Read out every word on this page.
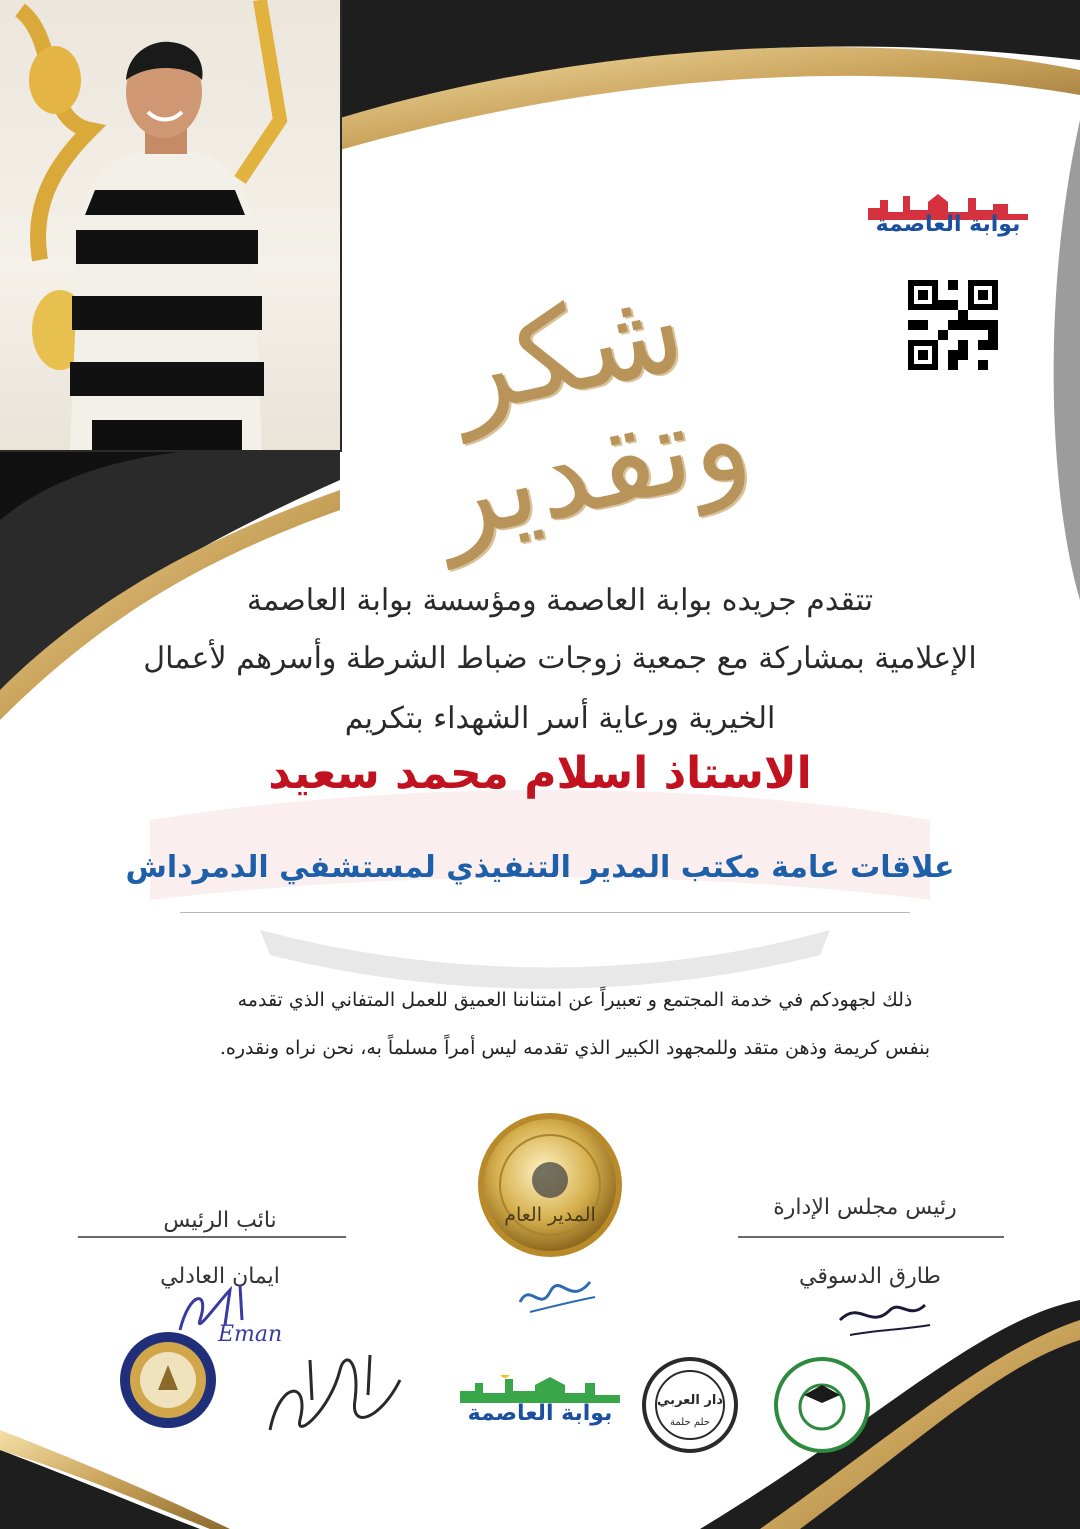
بوابة العاصمة
شكر وتقدير
تتقدم جريده بوابة العاصمة ومؤسسة بوابة العاصمة
الإعلامية بمشاركة مع جمعية زوجات ضباط الشرطة وأسرهم لأعمال
الخيرية ورعاية أسر الشهداء بتكريم
الاستاذ اسلام محمد سعيد
علاقات عامة مكتب المدير التنفيذي لمستشفي الدمرداش
ذلك لجهودكم في خدمة المجتمع و تعبيراً عن امتناننا العميق للعمل المتفاني الذي تقدمه
بنفس كريمة وذهن متقد وللمجهود الكبير الذي تقدمه ليس أمراً مسلماً به، نحن نراه ونقدره.
المدير العام
نائب الرئيس
ايمان العادلي
Eman
رئيس مجلس الإدارة
طارق الدسوقي
بوابة العاصمة
دار العربي
حلم حلمة
